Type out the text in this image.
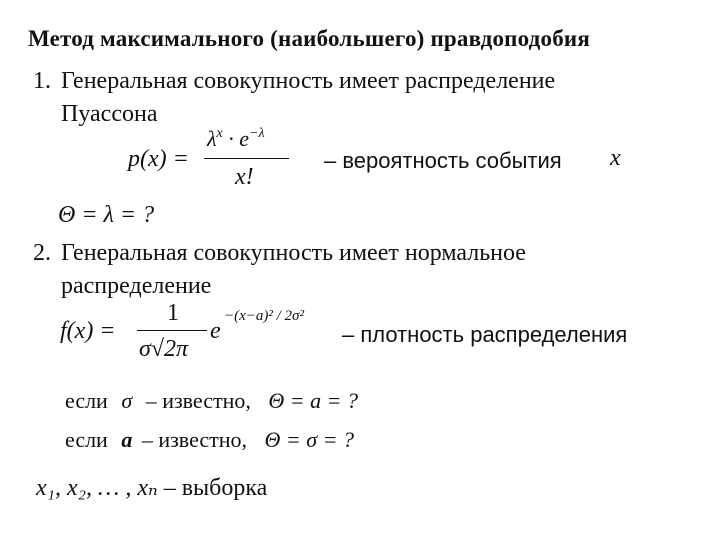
Метод максимального (наибольшего) правдоподобия
1. Генеральная совокупность имеет распределение
Пуассона
p(x) =
$\lambda^x \cdot e^{-\lambda}$
x!
– вероятность события x
Θ = λ = ?
2. Генеральная совокупность имеет нормальное
распределение
f(x) =
1
σ√2π
e
−(x−a)² / 2σ²
– плотность распределения
если σ – известно, Θ = a = ?
если a – известно, Θ = σ = ?
x₁, x₂, … , xₙ – выборка
